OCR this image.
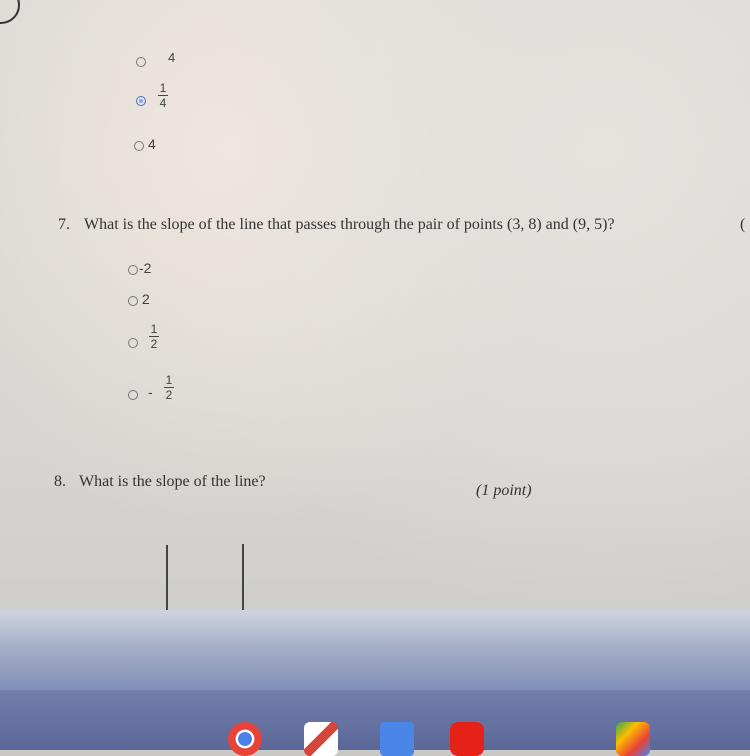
4
1
4
4
7. What is the slope of the line that passes through the pair of points (3, 8) and (9, 5)?	(
-2
2
1
2
-
1
2
8. What is the slope of the line?
(1 point)
